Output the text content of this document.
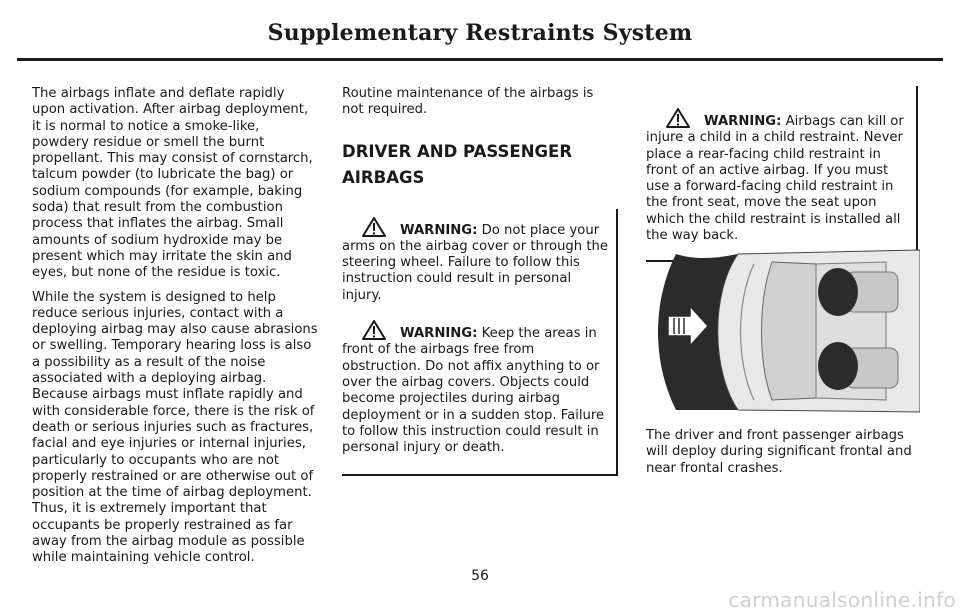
Supplementary Restraints System

The airbags inflate and deflate rapidly upon activation. After airbag deployment, it is normal to notice a smoke-like, powdery residue or smell the burnt propellant. This may consist of cornstarch, talcum powder (to lubricate the bag) or sodium compounds (for example, baking soda) that result from the combustion process that inflates the airbag. Small amounts of sodium hydroxide may be present which may irritate the skin and eyes, but none of the residue is toxic.

While the system is designed to help reduce serious injuries, contact with a deploying airbag may also cause abrasions or swelling. Temporary hearing loss is also a possibility as a result of the noise associated with a deploying airbag. Because airbags must inflate rapidly and with considerable force, there is the risk of death or serious injuries such as fractures, facial and eye injuries or internal injuries, particularly to occupants who are not properly restrained or are otherwise out of position at the time of airbag deployment. Thus, it is extremely important that occupants be properly restrained as far away from the airbag module as possible while maintaining vehicle control.

Routine maintenance of the airbags is not required.

DRIVER AND PASSENGER AIRBAGS
WARNING: Do not place your arms on the airbag cover or through the steering wheel. Failure to follow this instruction could result in personal injury.
WARNING: Keep the areas in front of the airbags free from obstruction. Do not affix anything to or over the airbag covers. Objects could become projectiles during airbag deployment or in a sudden stop. Failure to follow this instruction could result in personal injury or death.
WARNING: Airbags can kill or injure a child in a child restraint. Never place a rear-facing child restraint in front of an active airbag. If you must use a forward-facing child restraint in the front seat, move the seat upon which the child restraint is installed all the way back.

The driver and front passenger airbags will deploy during significant frontal and near frontal crashes.

56
carmanualsonline.info
